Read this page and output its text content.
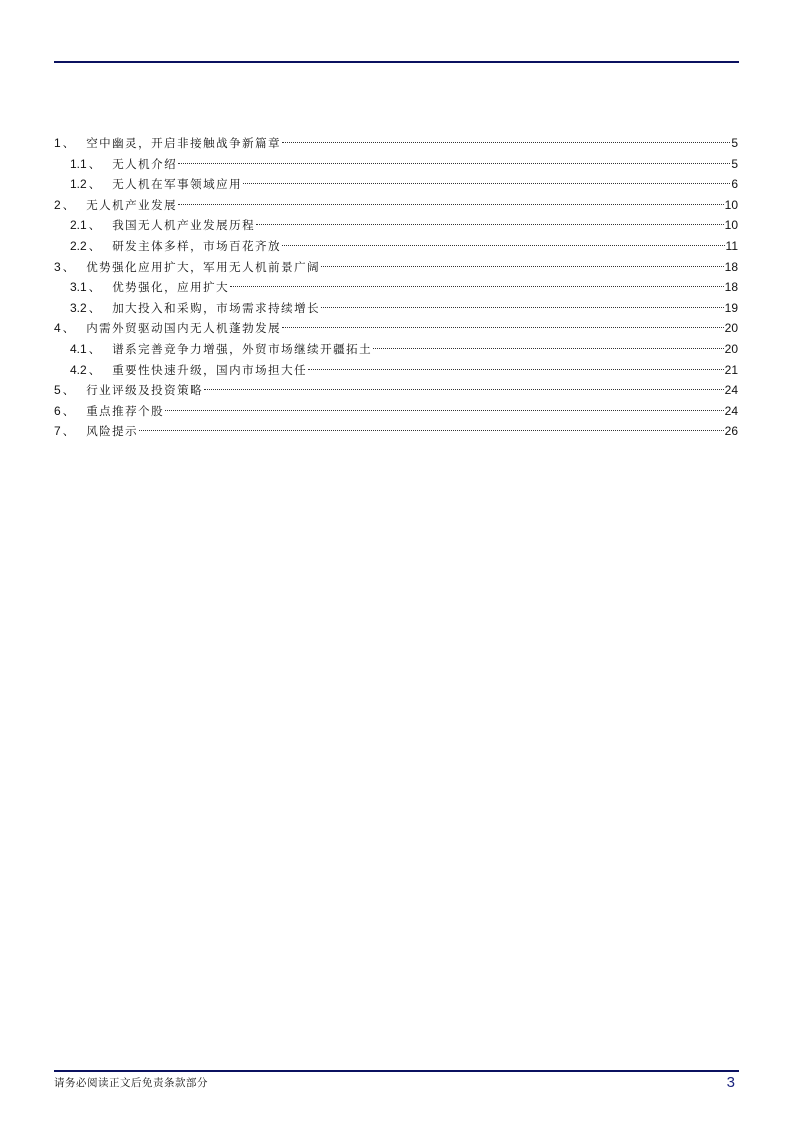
1 、 空中幽灵，开启非接触战争新篇章	5
1.1 、 无人机介绍	5
1.2 、 无人机在军事领域应用	6
2 、 无人机产业发展	10
2.1 、 我国无人机产业发展历程	10
2.2 、 研发主体多样，市场百花齐放	11
3 、 优势强化应用扩大，军用无人机前景广阔	18
3.1 、 优势强化，应用扩大	18
3.2 、 加大投入和采购，市场需求持续增长	19
4 、 内需外贸驱动国内无人机蓬勃发展	20
4.1 、 谱系完善竞争力增强，外贸市场继续开疆拓土	20
4.2 、 重要性快速升级，国内市场担大任	21
5 、 行业评级及投资策略	24
6 、 重点推荐个股	24
7 、 风险提示	26
请务必阅读正文后免责条款部分	3
